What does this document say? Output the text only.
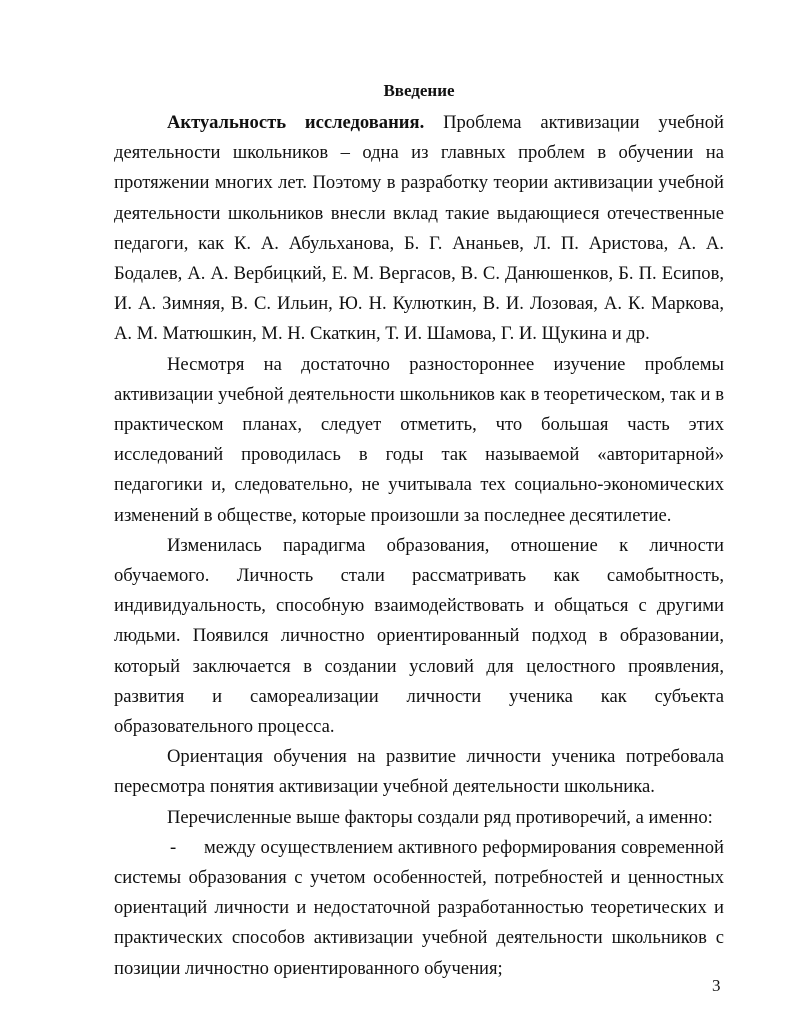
Введение

Актуальность исследования. Проблема активизации учебной деятельности школьников – одна из главных проблем в обучении на протяжении многих лет. Поэтому в разработку теории активизации учебной деятельности школьников внесли вклад такие выдающиеся отечественные педагоги, как К. А. Абульханова, Б. Г. Ананьев, Л. П. Аристова, А. А. Бодалев, А. А. Вербицкий, Е. М. Вергасов, В. С. Данюшенков, Б. П. Есипов, И. А. Зимняя, В. С. Ильин, Ю. Н. Кулюткин, В. И. Лозовая, А. К. Маркова, А. М. Матюшкин, М. Н. Скаткин, Т. И. Шамова, Г. И. Щукина и др.

Несмотря на достаточно разностороннее изучение проблемы активизации учебной деятельности школьников как в теоретическом, так и в практическом планах, следует отметить, что большая часть этих исследований проводилась в годы так называемой «авторитарной» педагогики и, следовательно, не учитывала тех социально-экономических изменений в обществе, которые произошли за последнее десятилетие.

Изменилась парадигма образования, отношение к личности обучаемого. Личность стали рассматривать как самобытность, индивидуальность, способную взаимодействовать и общаться с другими людьми. Появился личностно ориентированный подход в образовании, который заключается в создании условий для целостного проявления, развития и самореализации личности ученика как субъекта образовательного процесса.

Ориентация обучения на развитие личности ученика потребовала пересмотра понятия активизации учебной деятельности школьника.

Перечисленные выше факторы создали ряд противоречий, а именно:

- между осуществлением активного реформирования современной системы образования с учетом особенностей, потребностей и ценностных ориентаций личности и недостаточной разработанностью теоретических и практических способов активизации учебной деятельности школьников с позиции личностно ориентированного обучения;

3
